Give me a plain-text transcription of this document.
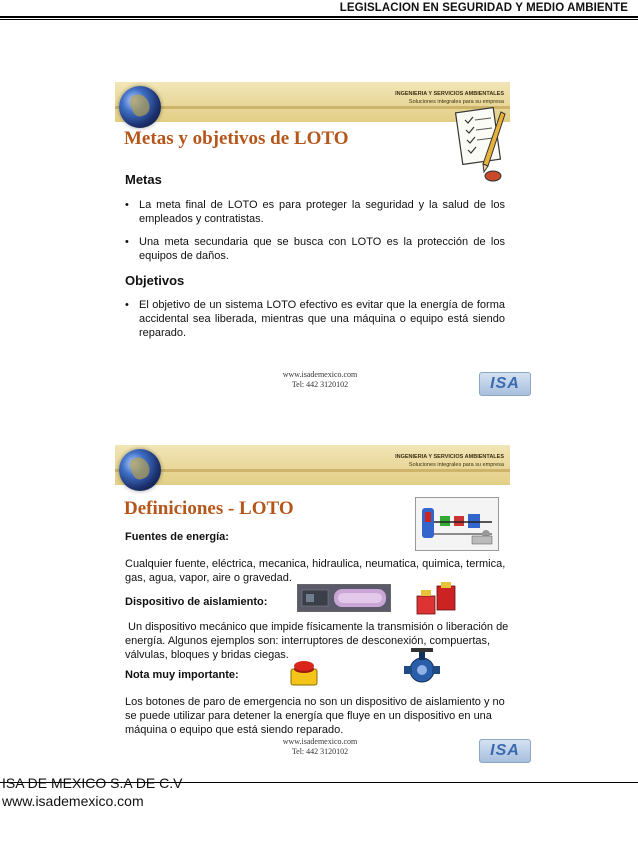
LEGISLACION EN SEGURIDAD Y MEDIO AMBIENTE
INGENIERIA Y SERVICIOS AMBIENTALES
Soluciones integrales para su empresa
Metas y objetivos de LOTO
Metas
• La meta final de LOTO es para proteger la seguridad y la salud de los empleados y contratistas.
• Una meta secundaria que se busca con LOTO es la protección de los equipos de daños.
Objetivos
• El objetivo de un sistema LOTO efectivo es evitar que la energía de forma accidental sea liberada, mientras que una máquina o equipo está siendo reparado.
www.isademexico.com
Tel: 442 3120102	ISA
INGENIERIA Y SERVICIOS AMBIENTALES
Soluciones integrales para su empresa
Definiciones - LOTO
Fuentes de energía:
Cualquier fuente, eléctrica, mecanica, hidraulica, neumatica, quimica, termica, gas, agua, vapor, aire o gravedad.
Dispositivo de aislamiento:
Un dispositivo mecánico que impide físicamente la transmisión o liberación de energía. Algunos ejemplos son: interruptores de desconexión, compuertas, válvulas, bloques y bridas ciegas.
Nota muy importante:
Los botones de paro de emergencia no son un dispositivo de aislamiento y no se puede utilizar para detener la energía que fluye en un dispositivo en una máquina o equipo que está siendo reparado.
www.isademexico.com
Tel: 442 3120102	ISA
ISA DE MEXICO S.A DE C.V
www.isademexico.com
